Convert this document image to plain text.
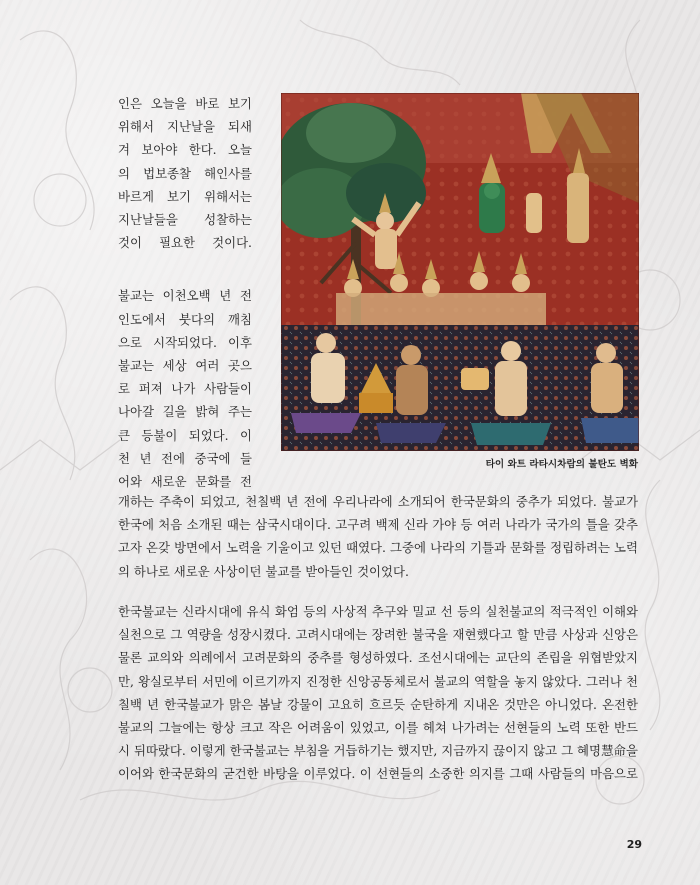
인은 오늘을 바로 보기
위해서 지난날을 되새
겨 보아야 한다. 오늘
의 법보종찰 해인사를
바르게 보기 위해서는
지난날들을 성찰하는
것이 필요한 것이다.

불교는 이천오백 년 전
인도에서 붓다의 깨침
으로 시작되었다. 이후
불교는 세상 여러 곳으
로 퍼져 나가 사람들이
나아갈 길을 밝혀 주는
큰 등불이 되었다. 이
천 년 전에 중국에 들
어와 새로운 문화를 전

타이 와트 라타시차람의 불탄도 벽화
개하는 주축이 되었고, 천칠백 년 전에 우리나라에 소개되어 한국문화의 중추가 되었다. 불교가
한국에 처음 소개된 때는 삼국시대이다. 고구려 백제 신라 가야 등 여러 나라가 국가의 틀을 갖추
고자 온갖 방면에서 노력을 기울이고 있던 때였다. 그중에 나라의 기틀과 문화를 정립하려는 노력
의 하나로 새로운 사상이던 불교를 받아들인 것이었다.
한국불교는 신라시대에 유식 화엄 등의 사상적 추구와 밀교 선 등의 실천불교의 적극적인 이해와
실천으로 그 역량을 성장시켰다. 고려시대에는 장려한 불국을 재현했다고 할 만큼 사상과 신앙은
물론 교의와 의례에서 고려문화의 중추를 형성하였다. 조선시대에는 교단의 존립을 위협받았지
만, 왕실로부터 서민에 이르기까지 진정한 신앙공동체로서 불교의 역할을 놓지 않았다. 그러나 천
칠백 년 한국불교가 맑은 봄날 강물이 고요히 흐르듯 순탄하게 지내온 것만은 아니었다. 온전한
불교의 그늘에는 항상 크고 작은 어려움이 있었고, 이를 헤쳐 나가려는 선현들의 노력 또한 반드
시 뒤따랐다. 이렇게 한국불교는 부침을 거듭하기는 했지만, 지금까지 끊이지 않고 그 혜명慧命을
이어와 한국문화의 굳건한 바탕을 이루었다. 이 선현들의 소중한 의지를 그때 사람들의 마음으로
29
